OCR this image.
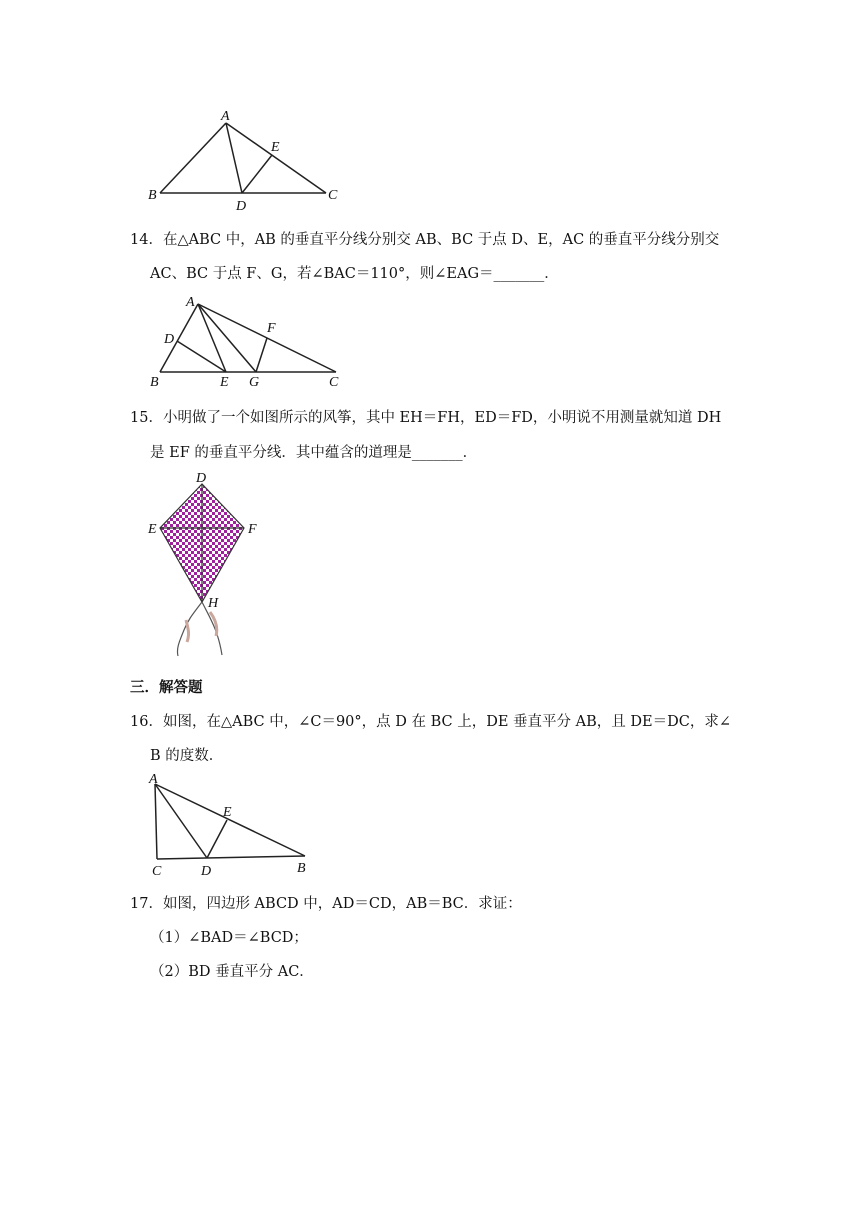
A
B	C
D
E
14．在△ABC 中，AB 的垂直平分线分别交 AB、BC 于点 D、E，AC 的垂直平分线分别交
AC、BC 于点 F、G，若∠BAC＝110°，则∠EAG＝_______．
A
D
F
B	E G	C
15．小明做了一个如图所示的风筝，其中 EH＝FH，ED＝FD，小明说不用测量就知道 DH
是 EF 的垂直平分线．其中蕴含的道理是_______．
D
E	F
H
三．解答题
16．如图，在△ABC 中，∠C＝90°，点 D 在 BC 上，DE 垂直平分 AB，且 DE＝DC，求∠
B 的度数．
A
E
C	D	B
17．如图，四边形 ABCD 中，AD＝CD，AB＝BC．求证：
（1）∠BAD＝∠BCD；
（2）BD 垂直平分 AC．
